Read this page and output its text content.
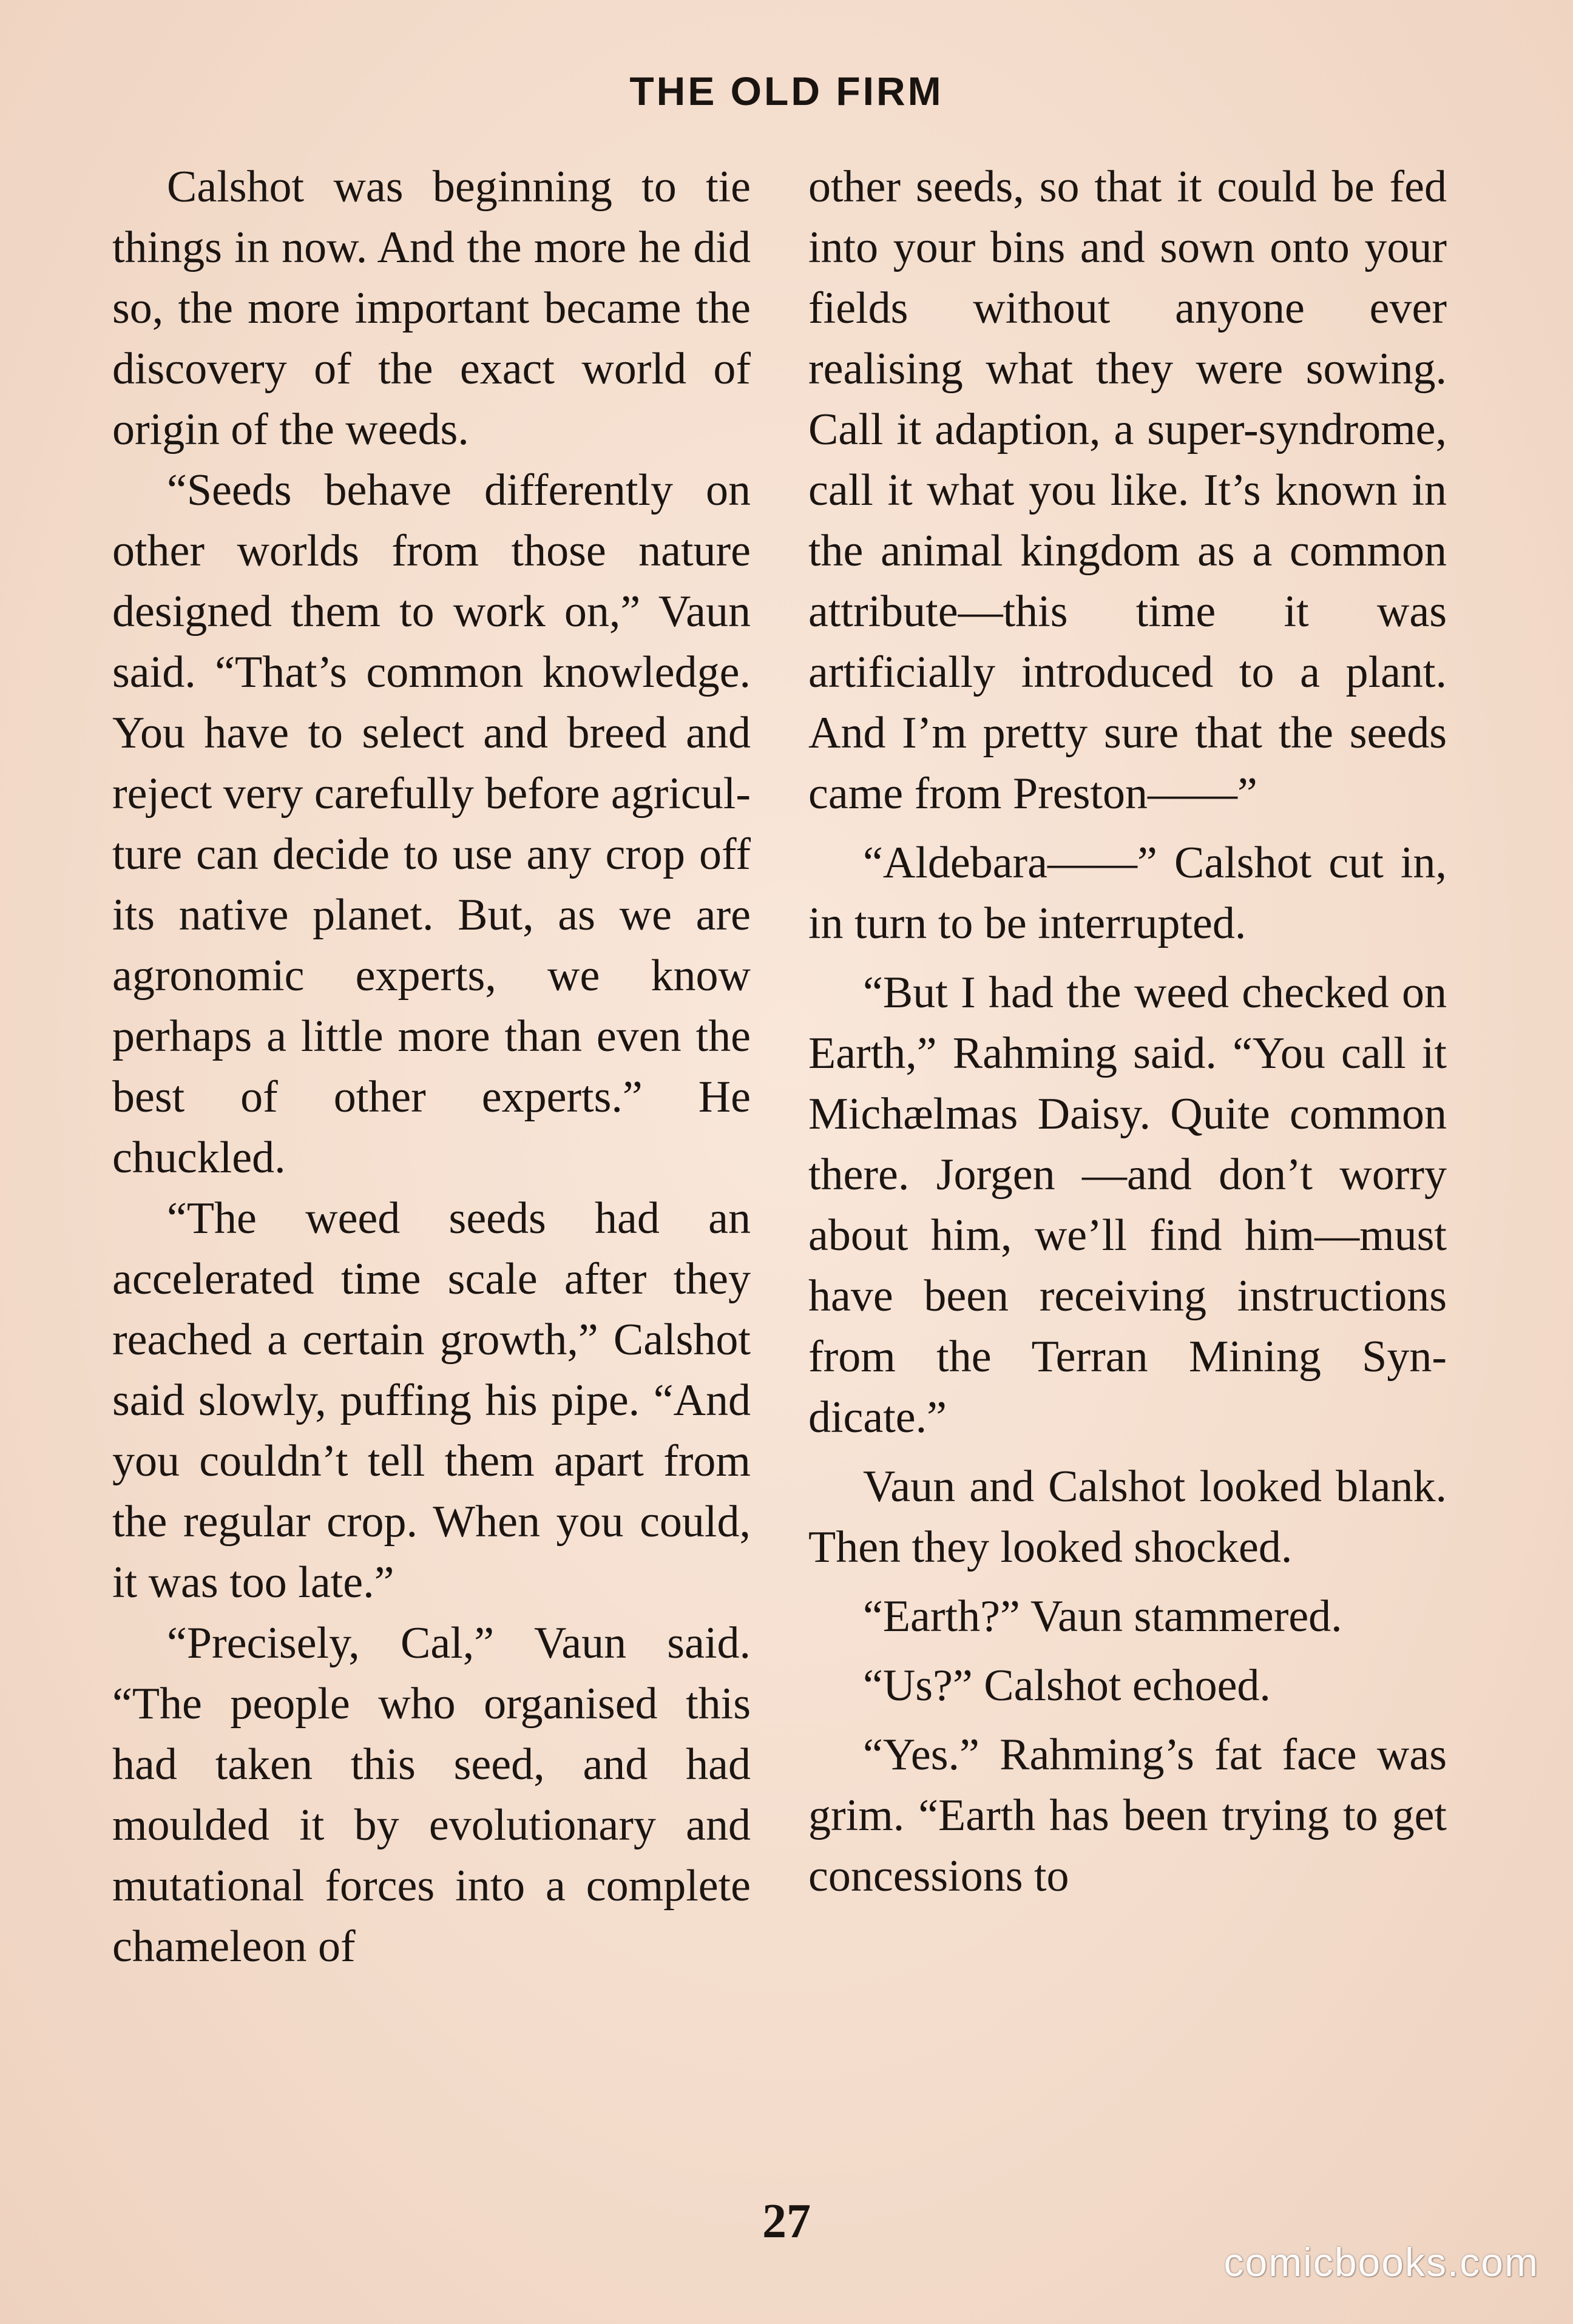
THE OLD FIRM

Calshot was beginning to tie things in now. And the more he did so, the more important became the discovery of the exact world of origin of the weeds.

“Seeds behave differently on other worlds from those nature designed them to work on,” Vaun said. “That’s common knowledge. You have to select and breed and reject very carefully before agriculture can decide to use any crop off its native planet. But, as we are agronomic experts, we know perhaps a little more than even the best of other experts.” He chuckled.

“The weed seeds had an accelerated time scale after they reached a certain growth,” Calshot said slowly, puffing his pipe. “And you couldn’t tell them apart from the regular crop. When you could, it was too late.”

“Precisely, Cal,” Vaun said. “The people who organised this had taken this seed, and had moulded it by evolutionary and mutational forces into a complete chameleon of

other seeds, so that it could be fed into your bins and sown onto your fields without anyone ever realising what they were sowing. Call it adaption, a super-syndrome, call it what you like. It’s known in the animal kingdom as a common attribute—this time it was artificially introduced to a plant. And I’m pretty sure that the seeds came from Preston——”

“Aldebara——” Calshot cut in, in turn to be interrupted.

“But I had the weed checked on Earth,” Rahming said. “You call it Michælmas Daisy. Quite common there. Jorgen —and don’t worry about him, we’ll find him—must have been receiving instructions from the Terran Mining Syndicate.”

Vaun and Calshot looked blank. Then they looked shocked.

“Earth?” Vaun stammered.

“Us?” Calshot echoed.

“Yes.” Rahming’s fat face was grim. “Earth has been trying to get concessions to

27
comicbooks.com
